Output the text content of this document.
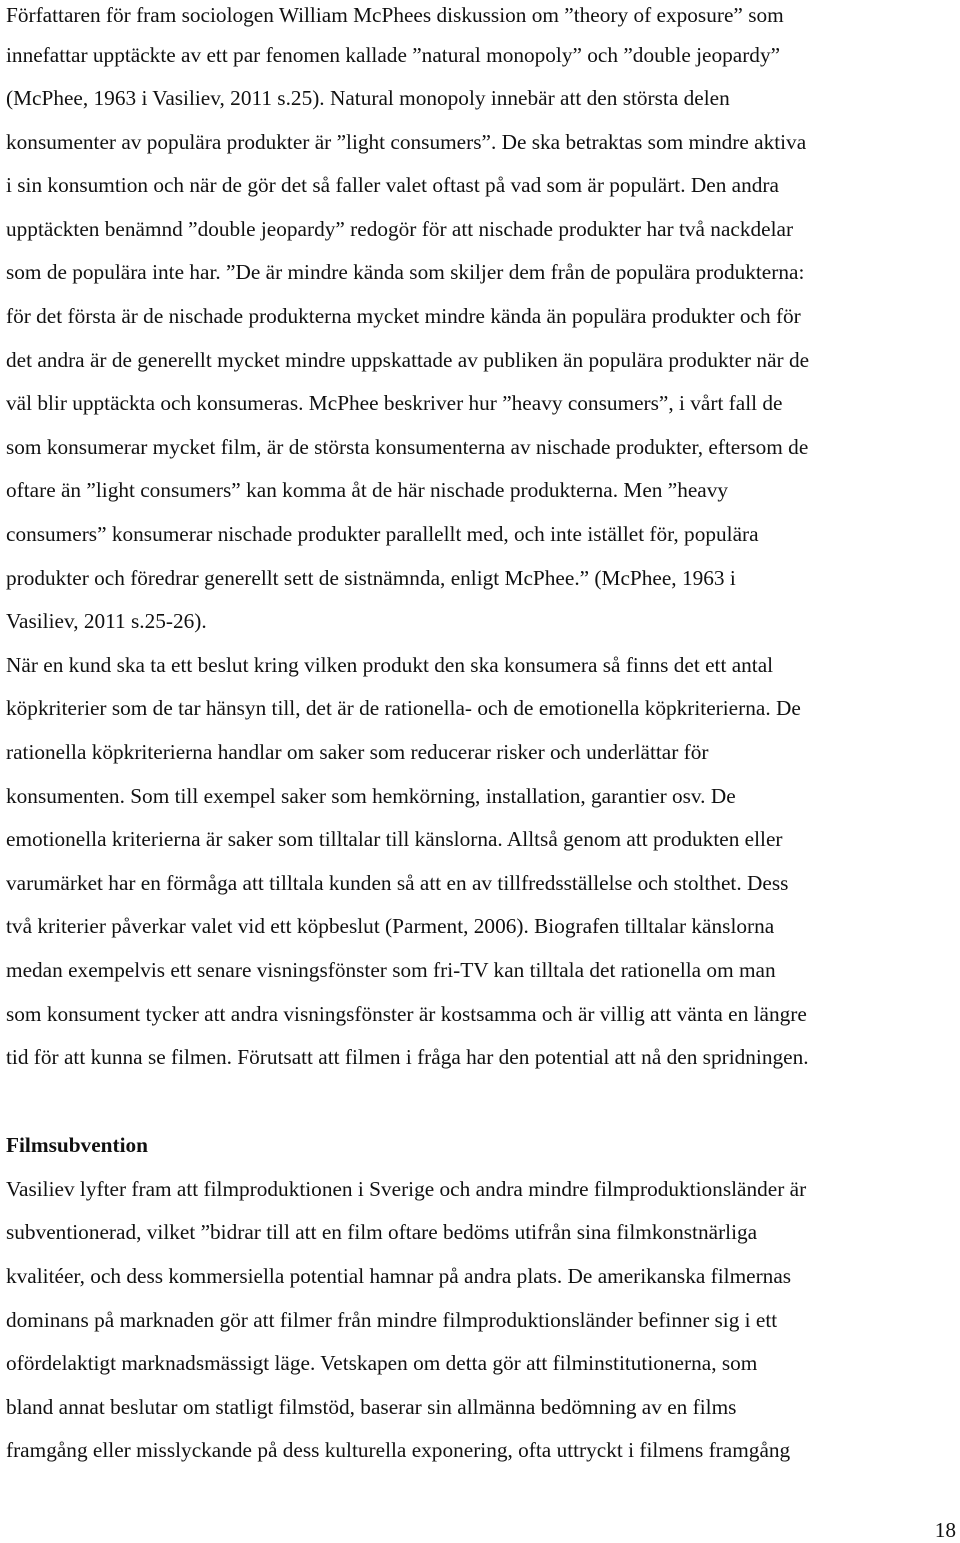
Författaren för fram sociologen William McPhees diskussion om ”theory of exposure” som
innefattar upptäckte av ett par fenomen kallade ”natural monopoly” och ”double jeopardy”
(McPhee, 1963 i Vasiliev, 2011 s.25). Natural monopoly innebär att den största delen
konsumenter av populära produkter är ”light consumers”. De ska betraktas som mindre aktiva
i sin konsumtion och när de gör det så faller valet oftast på vad som är populärt. Den andra
upptäckten benämnd ”double jeopardy” redogör för att nischade produkter har två nackdelar
som de populära inte har. ”De är mindre kända som skiljer dem från de populära produkterna:
för det första är de nischade produkterna mycket mindre kända än populära produkter och för
det andra är de generellt mycket mindre uppskattade av publiken än populära produkter när de
väl blir upptäckta och konsumeras. McPhee beskriver hur ”heavy consumers”, i vårt fall de
som konsumerar mycket film, är de största konsumenterna av nischade produkter, eftersom de
oftare än ”light consumers” kan komma åt de här nischade produkterna. Men ”heavy
consumers” konsumerar nischade produkter parallellt med, och inte istället för, populära
produkter och föredrar generellt sett de sistnämnda, enligt McPhee.” (McPhee, 1963 i
Vasiliev, 2011 s.25-26).
När en kund ska ta ett beslut kring vilken produkt den ska konsumera så finns det ett antal
köpkriterier som de tar hänsyn till, det är de rationella- och de emotionella köpkriterierna. De
rationella köpkriterierna handlar om saker som reducerar risker och underlättar för
konsumenten. Som till exempel saker som hemkörning, installation, garantier osv. De
emotionella kriterierna är saker som tilltalar till känslorna. Alltså genom att produkten eller
varumärket har en förmåga att tilltala kunden så att en av tillfredsställelse och stolthet. Dess
två kriterier påverkar valet vid ett köpbeslut (Parment, 2006). Biografen tilltalar känslorna
medan exempelvis ett senare visningsfönster som fri-TV kan tilltala det rationella om man
som konsument tycker att andra visningsfönster är kostsamma och är villig att vänta en längre
tid för att kunna se filmen. Förutsatt att filmen i fråga har den potential att nå den spridningen.
Filmsubvention
Vasiliev lyfter fram att filmproduktionen i Sverige och andra mindre filmproduktionsländer är
subventionerad, vilket ”bidrar till att en film oftare bedöms utifrån sina filmkonstnärliga
kvalitéer, och dess kommersiella potential hamnar på andra plats. De amerikanska filmernas
dominans på marknaden gör att filmer från mindre filmproduktionsländer befinner sig i ett
ofördelaktigt marknadsmässigt läge. Vetskapen om detta gör att filminstitutionerna, som
bland annat beslutar om statligt filmstöd, baserar sin allmänna bedömning av en films
framgång eller misslyckande på dess kulturella exponering, ofta uttryckt i filmens framgång
18
